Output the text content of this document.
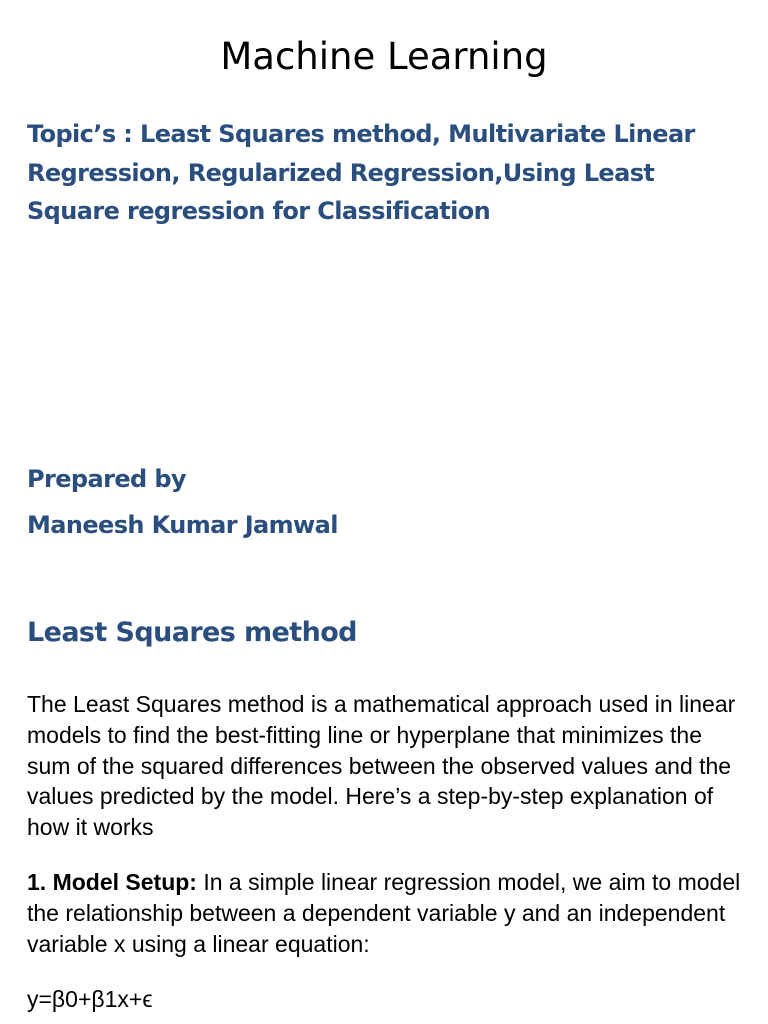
Machine Learning

Topic’s : Least Squares method, Multivariate Linear Regression, Regularized Regression,Using Least Square regression for Classification

Prepared by

Maneesh Kumar Jamwal

Least Squares method

The Least Squares method is a mathematical approach used in linear models to find the best-fitting line or hyperplane that minimizes the sum of the squared differences between the observed values and the values predicted by the model. Here’s a step-by-step explanation of how it works

1. Model Setup: In a simple linear regression model, we aim to model the relationship between a dependent variable y and an independent variable x using a linear equation:

y=β0+β1x+ϵ
